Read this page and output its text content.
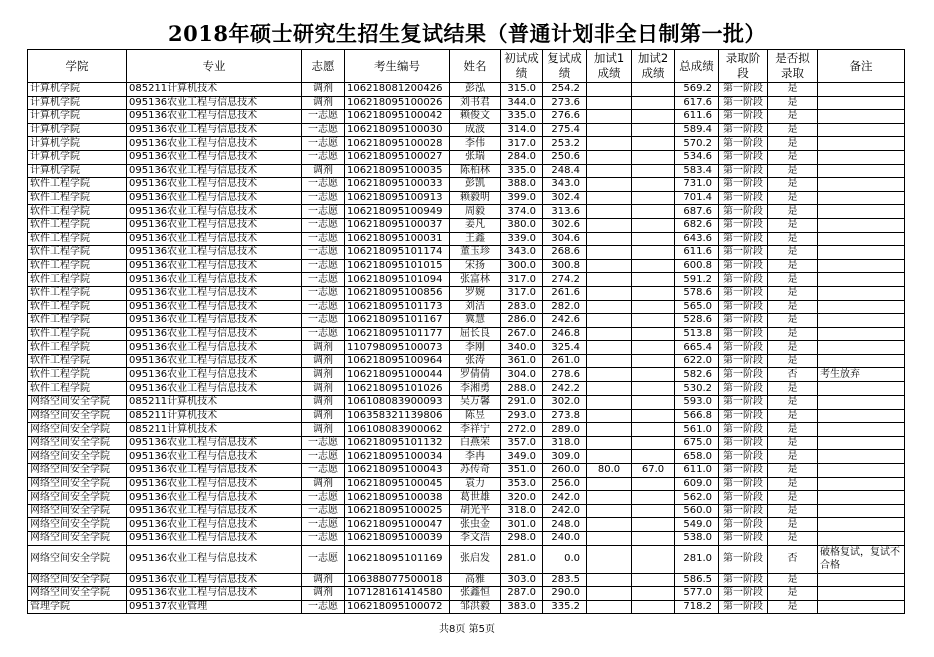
2018年硕士研究生招生复试结果（普通计划非全日制第一批）
学院	专业	志愿	考生编号	姓名	初试成绩	复试成绩	加试1成绩	加试2成绩	总成绩	录取阶段	是否拟录取	备注
计算机学院	085211计算机技术	调剂	106218081200426	彭泓	315.0	254.2			569.2	第一阶段	是	
计算机学院	095136农业工程与信息技术	调剂	106218095100026	刘书君	344.0	273.6			617.6	第一阶段	是	
计算机学院	095136农业工程与信息技术	一志愿	106218095100042	赖俊文	335.0	276.6			611.6	第一阶段	是	
计算机学院	095136农业工程与信息技术	一志愿	106218095100030	成波	314.0	275.4			589.4	第一阶段	是	
计算机学院	095136农业工程与信息技术	一志愿	106218095100028	李伟	317.0	253.2			570.2	第一阶段	是	
计算机学院	095136农业工程与信息技术	一志愿	106218095100027	张瑞	284.0	250.6			534.6	第一阶段	是	
计算机学院	095136农业工程与信息技术	调剂	106218095100035	陈柏林	335.0	248.4			583.4	第一阶段	是	
软件工程学院	095136农业工程与信息技术	一志愿	106218095100033	彭凯	388.0	343.0			731.0	第一阶段	是	
软件工程学院	095136农业工程与信息技术	一志愿	106218095100913	赖毅明	399.0	302.4			701.4	第一阶段	是	
软件工程学院	095136农业工程与信息技术	一志愿	106218095100949	周毅	374.0	313.6			687.6	第一阶段	是	
软件工程学院	095136农业工程与信息技术	一志愿	106218095100037	姜凡	380.0	302.6			682.6	第一阶段	是	
软件工程学院	095136农业工程与信息技术	一志愿	106218095100031	王鑫	339.0	304.6			643.6	第一阶段	是	
软件工程学院	095136农业工程与信息技术	一志愿	106218095101174	董玉珍	343.0	268.6			611.6	第一阶段	是	
软件工程学院	095136农业工程与信息技术	一志愿	106218095101015	宋扬	300.0	300.8			600.8	第一阶段	是	
软件工程学院	095136农业工程与信息技术	一志愿	106218095101094	张富林	317.0	274.2			591.2	第一阶段	是	
软件工程学院	095136农业工程与信息技术	一志愿	106218095100856	罗婉	317.0	261.6			578.6	第一阶段	是	
软件工程学院	095136农业工程与信息技术	一志愿	106218095101173	刘洁	283.0	282.0			565.0	第一阶段	是	
软件工程学院	095136农业工程与信息技术	一志愿	106218095101167	冀慧	286.0	242.6			528.6	第一阶段	是	
软件工程学院	095136农业工程与信息技术	一志愿	106218095101177	屈长良	267.0	246.8			513.8	第一阶段	是	
软件工程学院	095136农业工程与信息技术	调剂	110798095100073	李刚	340.0	325.4			665.4	第一阶段	是	
软件工程学院	095136农业工程与信息技术	调剂	106218095100964	张涛	361.0	261.0			622.0	第一阶段	是	
软件工程学院	095136农业工程与信息技术	调剂	106218095100044	罗倩倩	304.0	278.6			582.6	第一阶段	否	考生放弃
软件工程学院	095136农业工程与信息技术	调剂	106218095101026	李湘勇	288.0	242.2			530.2	第一阶段	是	
网络空间安全学院	085211计算机技术	调剂	106108083900093	吴万馨	291.0	302.0			593.0	第一阶段	是	
网络空间安全学院	085211计算机技术	调剂	106358321139806	陈昱	293.0	273.8			566.8	第一阶段	是	
网络空间安全学院	085211计算机技术	调剂	106108083900062	李祥宁	272.0	289.0			561.0	第一阶段	是	
网络空间安全学院	095136农业工程与信息技术	一志愿	106218095101132	白燕荣	357.0	318.0			675.0	第一阶段	是	
网络空间安全学院	095136农业工程与信息技术	一志愿	106218095100034	李冉	349.0	309.0			658.0	第一阶段	是	
网络空间安全学院	095136农业工程与信息技术	一志愿	106218095100043	苏传奇	351.0	260.0	80.0	67.0	611.0	第一阶段	是	
网络空间安全学院	095136农业工程与信息技术	调剂	106218095100045	袁力	353.0	256.0			609.0	第一阶段	是	
网络空间安全学院	095136农业工程与信息技术	一志愿	106218095100038	葛世雄	320.0	242.0			562.0	第一阶段	是	
网络空间安全学院	095136农业工程与信息技术	一志愿	106218095100025	胡光平	318.0	242.0			560.0	第一阶段	是	
网络空间安全学院	095136农业工程与信息技术	一志愿	106218095100047	张虫金	301.0	248.0			549.0	第一阶段	是	
网络空间安全学院	095136农业工程与信息技术	一志愿	106218095100039	李文浩	298.0	240.0			538.0	第一阶段	是	
网络空间安全学院	095136农业工程与信息技术	一志愿	106218095101169	张启发	281.0	0.0			281.0	第一阶段	否	破格复试，复试不合格
网络空间安全学院	095136农业工程与信息技术	调剂	106388077500018	高雅	303.0	283.5			586.5	第一阶段	是	
网络空间安全学院	095136农业工程与信息技术	调剂	107128161414580	张鑫恒	287.0	290.0			577.0	第一阶段	是	
管理学院	095137农业管理	一志愿	106218095100072	邹洪毅	383.0	335.2			718.2	第一阶段	是	
共8页 第5页
